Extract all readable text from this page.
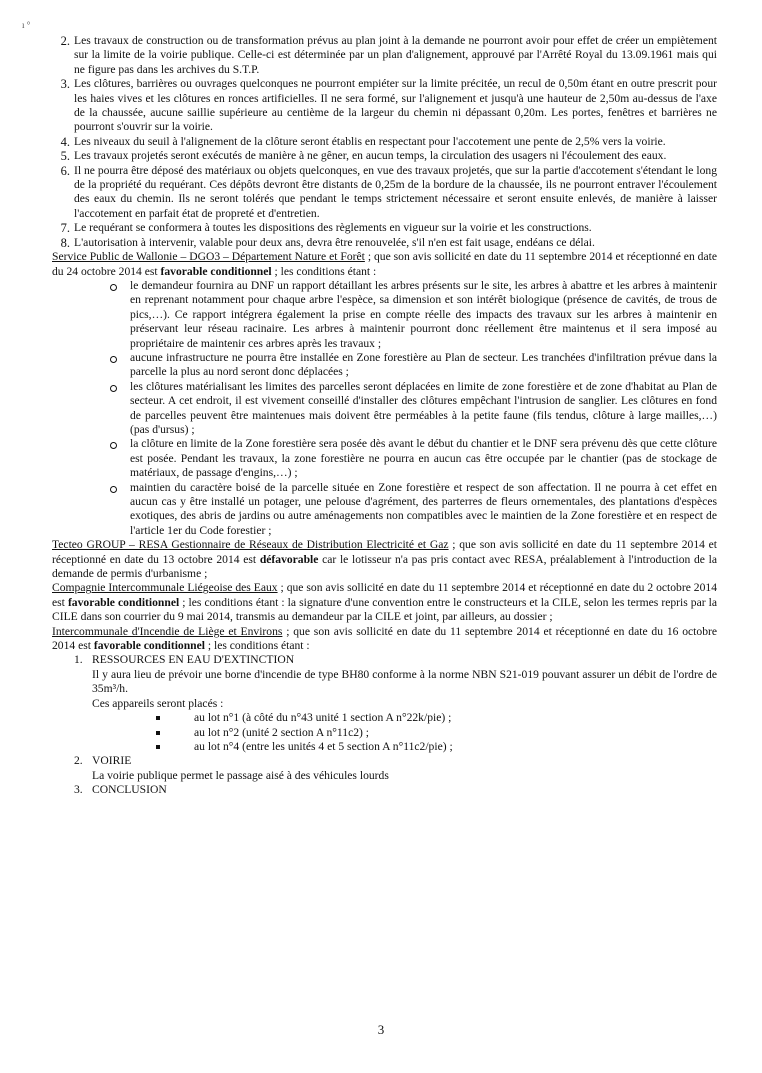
ı °
2. Les travaux de construction ou de transformation prévus au plan joint à la demande ne pourront avoir pour effet de créer un empiètement sur la limite de la voirie publique. Celle-ci est déterminée par un plan d'alignement, approuvé par l'Arrêté Royal du 13.09.1961 mais qui ne figure pas dans les archives du S.T.P.
3. Les clôtures, barrières ou ouvrages quelconques ne pourront empiéter sur la limite précitée, un recul de 0,50m étant en outre prescrit pour les haies vives et les clôtures en ronces artificielles. Il ne sera formé, sur l'alignement et jusqu'à une hauteur de 2,50m au-dessus de l'axe de la chaussée, aucune saillie supérieure au centième de la largeur du chemin ni dépassant 0,20m. Les portes, fenêtres et barrières ne pourront s'ouvrir sur la voirie.
4. Les niveaux du seuil à l'alignement de la clôture seront établis en respectant pour l'accotement une pente de 2,5% vers la voirie.
5. Les travaux projetés seront exécutés de manière à ne gêner, en aucun temps, la circulation des usagers ni l'écoulement des eaux.
6. Il ne pourra être déposé des matériaux ou objets quelconques, en vue des travaux projetés, que sur la partie d'accotement s'étendant le long de la propriété du requérant. Ces dépôts devront être distants de 0,25m de la bordure de la chaussée, ils ne pourront entraver l'écoulement des eaux du chemin. Ils ne seront tolérés que pendant le temps strictement nécessaire et seront ensuite enlevés, de manière à laisser l'accotement en parfait état de propreté et d'entretien.
7. Le requérant se conformera à toutes les dispositions des règlements en vigueur sur la voirie et les constructions.
8. L'autorisation à intervenir, valable pour deux ans, devra être renouvelée, s'il n'en est fait usage, endéans ce délai.

Service Public de Wallonie – DGO3 – Département Nature et Forêt ; que son avis sollicité en date du 11 septembre 2014 et réceptionné en date du 24 octobre 2014 est favorable conditionnel ; les conditions étant :

le demandeur fournira au DNF un rapport détaillant les arbres présents sur le site, les arbres à abattre et les arbres à maintenir en reprenant notamment pour chaque arbre l'espèce, sa dimension et son intérêt biologique (présence de cavités, de trous de pics,…). Ce rapport intégrera également la prise en compte réelle des impacts des travaux sur les arbres à maintenir en préservant leur réseau racinaire. Les arbres à maintenir pourront donc réellement être maintenus et il sera imposé au propriétaire de maintenir ces arbres après les travaux ;
aucune infrastructure ne pourra être installée en Zone forestière au Plan de secteur. Les tranchées d'infiltration prévue dans la parcelle la plus au nord seront donc déplacées ;
les clôtures matérialisant les limites des parcelles seront déplacées en limite de zone forestière et de zone d'habitat au Plan de secteur. A cet endroit, il est vivement conseillé d'installer des clôtures empêchant l'intrusion de sanglier. Les clôtures en fond de parcelles peuvent être maintenues mais doivent être perméables à la petite faune (fils tendus, clôture à large mailles,…) (pas d'ursus) ;
la clôture en limite de la Zone forestière sera posée dès avant le début du chantier et le DNF sera prévenu dès que cette clôture est posée. Pendant les travaux, la zone forestière ne pourra en aucun cas être occupée par le chantier (pas de stockage de matériaux, de passage d'engins,…) ;
maintien du caractère boisé de la parcelle située en Zone forestière et respect de son affectation. Il ne pourra à cet effet en aucun cas y être installé un potager, une pelouse d'agrément, des parterres de fleurs ornementales, des plantations d'espèces exotiques, des abris de jardins ou autre aménagements non compatibles avec le maintien de la Zone forestière et en respect de l'article 1er du Code forestier ;

Tecteo GROUP – RESA Gestionnaire de Réseaux de Distribution Electricité et Gaz ; que son avis sollicité en date du 11 septembre 2014 et réceptionné en date du 13 octobre 2014 est défavorable car le lotisseur n'a pas pris contact avec RESA, préalablement à l'introduction de la demande de permis d'urbanisme ;

Compagnie Intercommunale Liégeoise des Eaux ; que son avis sollicité en date du 11 septembre 2014 et réceptionné en date du 2 octobre 2014 est favorable conditionnel ; les conditions étant : la signature d'une convention entre le constructeurs et la CILE, selon les termes repris par la CILE dans son courrier du 9 mai 2014, transmis au demandeur par la CILE et joint, par ailleurs, au dossier ;

Intercommunale d'Incendie de Liège et Environs ; que son avis sollicité en date du 11 septembre 2014 et réceptionné en date du 16 octobre 2014 est favorable conditionnel ; les conditions étant :

1. RESSOURCES EN EAU D'EXTINCTION

Il y aura lieu de prévoir une borne d'incendie de type BH80 conforme à la norme NBN S21-019 pouvant assurer un débit de l'ordre de 35m³/h.

Ces appareils seront placés :

au lot n°1 (à côté du n°43 unité 1 section A n°22k/pie) ;
au lot n°2 (unité 2 section A n°11c2) ;
au lot n°4 (entre les unités 4 et 5 section A n°11c2/pie) ;
2. VOIRIE

La voirie publique permet le passage aisé à des véhicules lourds

3. CONCLUSION
3
